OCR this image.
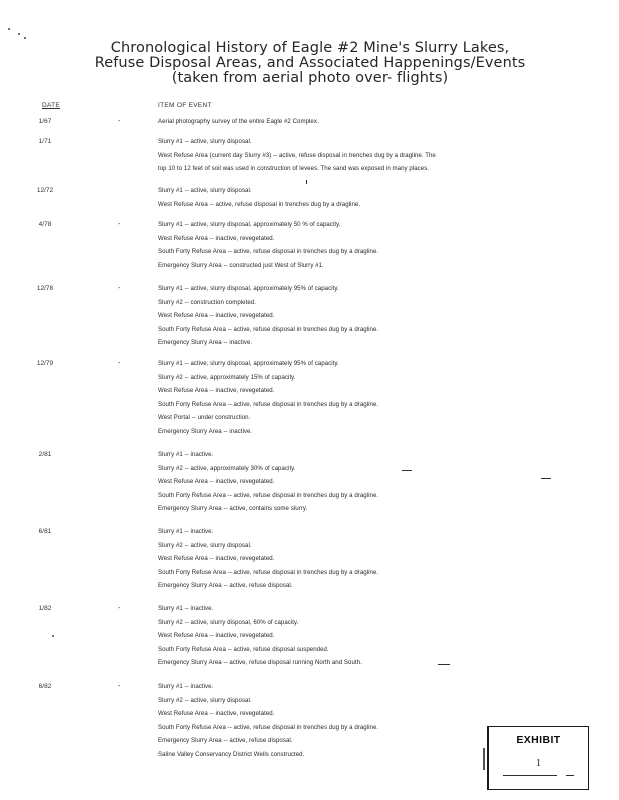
Chronological History of Eagle #2 Mine's Slurry Lakes,
Refuse Disposal Areas, and Associated Happenings/Events
(taken from aerial photo over- flights)
DATE	ITEM OF EVENT
1/67	-	Aerial photography survey of the entire Eagle #2 Complex.
1/71	Slurry #1 -- active, slurry disposal.
West Refuse Area (current day Slurry #3) -- active, refuse disposal in trenches dug by a dragline. The
top 10 to 12 feet of soil was used in construction of levees. The sand was exposed in many places.
12/72	Slurry #1 -- active, slurry disposal.
West Refuse Area -- active, refuse disposal in trenches dug by a dragline.
4/78	-	Slurry #1 -- active, slurry disposal, approximately 50 % of capacity.
West Refuse Area -- inactive, revegetated.
South Forty Refuse Area -- active, refuse disposal in trenches dug by a dragline.
Emergency Slurry Area -- constructed just West of Slurry #1.
12/78	-	Slurry #1 -- active, slurry disposal, approximately 95% of capacity.
Slurry #2 -- construction completed.
West Refuse Area -- inactive, revegetated.
South Forty Refuse Area -- active, refuse disposal in trenches dug by a dragline.
Emergency Slurry Area -- inactive.
12/79	-	Slurry #1 -- active, slurry disposal, approximately 95% of capacity.
Slurry #2 -- active, approximately 15% of capacity.
West Refuse Area -- inactive, revegetated.
South Forty Refuse Area -- active, refuse disposal in trenches dug by a dragline.
West Portal -- under construction.
Emergency Slurry Area -- inactive.
2/81	Slurry #1 -- inactive.
Slurry #2 -- active, approximately 30% of capacity.
West Refuse Area -- inactive, revegetated.
South Forty Refuse Area -- active, refuse disposal in trenches dug by a dragline.
Emergency Slurry Area -- active, contains some slurry.
6/81	Slurry #1 -- inactive.
Slurry #2 -- active, slurry disposal.
West Refuse Area -- inactive, revegetated.
South Forty Refuse Area -- active, refuse disposal in trenches dug by a dragline.
Emergency Slurry Area -- active, refuse disposal.
1/82	-	Slurry #1 -- inactive.
Slurry #2 -- active, slurry disposal, 60% of capacity.
West Refuse Area -- inactive, revegetated.
South Forty Refuse Area -- active, refuse disposal suspended.
Emergency Slurry Area -- active, refuse disposal running North and South.
6/82	-	Slurry #1 -- inactive.
Slurry #2 -- active, slurry disposal.
West Refuse Area -- inactive, revegetated.
South Forty Refuse Area -- active, refuse disposal in trenches dug by a dragline.
Emergency Slurry Area -- active, refuse disposal.
Saline Valley Conservancy District Wells constructed.
EXHIBIT
1
